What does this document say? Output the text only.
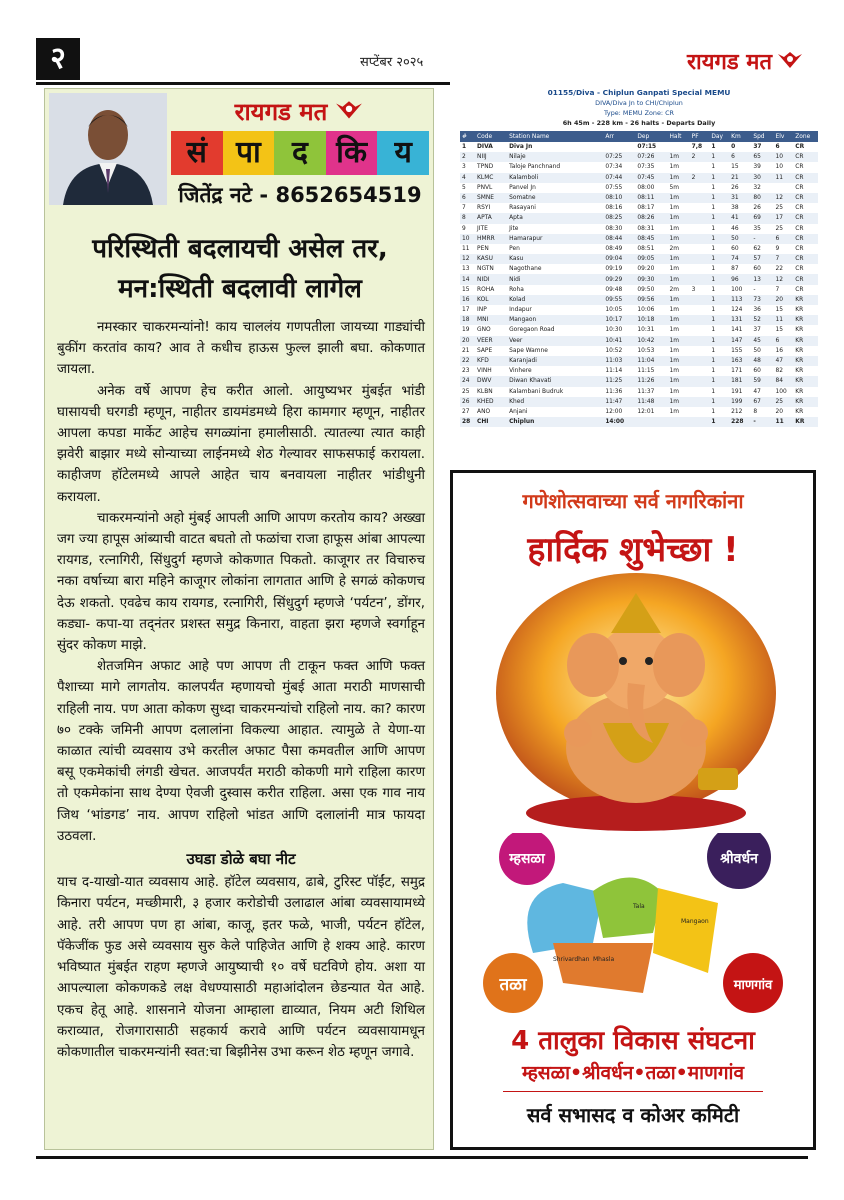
२	सप्टेंबर २०२५	रायगड मत
रायगड मत
सं पा	द कि य
जितेंद्र नटे - 8652654519
परिस्थिती बदलायची असेल तर,
मन:स्थिती बदलावी लागेल

नमस्कार चाकरमन्यांनो! काय चाललंय गणपतीला जायच्या गाड्यांची बुकींग करतांव काय? आव ते कधीच हाऊस फुल्ल झाली बघा. कोकणात जायला.

अनेक वर्षे आपण हेच करीत आलो. आयुष्यभर मुंबईत भांडी घासायची घरगडी म्हणून, नाहीतर डायमंडमध्ये हिरा कामगार म्हणून, नाहीतर आपला कपडा मार्केट आहेच सगळ्यांना हमालीसाठी. त्यातल्या त्यात काही झवेरी बाझार मध्ये सोन्याच्या लाईनमध्ये शेठ गेल्यावर साफसफाई करायला. काहीजण हॉटेलमध्ये आपले आहेत चाय बनवायला नाहीतर भांडीधुनी करायला.

चाकरमन्यांनो अहो मुंबई आपली आणि आपण करतोय काय? अख्खा जग ज्या हापूस आंब्याची वाटत बघतो तो फळांचा राजा हाफूस आंबा आपल्या रायगड, रत्नागिरी, सिंधुदुर्ग म्हणजे कोकणात पिकतो. काजूगर तर विचारुच नका वर्षाच्या बारा महिने काजूगर लोकांना लागतात आणि हे सगळं कोकणच देऊ शकतो. एवढेच काय रायगड, रत्नागिरी, सिंधुदुर्ग म्हणजे ‘पर्यटन’, डोंगर, कड्या- कपा-या तद्नंतर प्रशस्त समुद्र किनारा, वाहता झरा म्हणजे स्वर्गाहून सुंदर कोकण माझे.

शेतजमिन अफाट आहे पण आपण ती टाकून फक्त आणि फक्त पैशाच्या मागे लागतोय. कालपर्यंत म्हणायचो मुंबई आता मराठी माणसाची राहिली नाय. पण आता कोकण सुध्दा चाकरमन्यांचो राहिलो नाय. का? कारण ७० टक्के जमिनी आपण दलालांना विकल्या आहात. त्यामुळे ते येणा-या काळात त्यांची व्यवसाय उभे करतील अफाट पैसा कमवतील आणि आपण बसू एकमेकांची लंगडी खेचत. आजपर्यंत मराठी कोकणी मागे राहिला कारण तो एकमेकांना साथ देण्या ऐवजी दुस्वास करीत राहिला. असा एक गाव नाय जिथ ‘भांडगड’ नाय. आपण राहिलो भांडत आणि दलालांनी मात्र फायदा उठवला.

उघडा डोळे बघा नीट

याच द-याखो-यात व्यवसाय आहे. हॉटेल व्यवसाय, ढाबे, टुरिस्ट पॉईंट, समुद्र किनारा पर्यटन, मच्छीमारी, ३ हजार करोडोची उलाढाल आंबा व्यवसायामध्ये आहे. तरी आपण पण हा आंबा, काजू, इतर फळे, भाजी, पर्यटन हॉटेल, पॅकेजींक फुड असे व्यवसाय सुरु केले पाहिजेत आणि हे शक्य आहे. कारण भविष्यात मुंबईत राहण म्हणजे आयुष्याची १० वर्षे घटविणे होय. अशा या आपल्याला कोकणकडे लक्ष वेधण्यासाठी महाआंदोलन छेडन्यात येत आहे. एकच हेतू आहे. शासनाने योजना आम्हाला द्याव्यात, नियम अटी शिथिल कराव्यात, रोजगारासाठी सहकार्य करावे आणि पर्यटन व्यवसायामधून कोकणातील चाकरमन्यांनी स्वत:चा बिझीनेस उभा करून शेठ म्हणून जगावे.

01155/Diva - Chiplun Ganpati Special MEMU
DIVA/Diva Jn to CHI/Chiplun
Type: MEMU Zone: CR
6h 45m - 228 km - 26 halts - Departs Daily
#	Code	Station Name	Arr	Dep	Halt	PF	Day	Km	Spd	Elv	Zone
1	DIVA	Diva Jn		07:15		7,8	1	0	37	6	CR
2	NIIJ	Nilaje	07:25	07:26	1m	2	1	6	65	10	CR
3	TPND	Taloje Panchnand	07:34	07:35	1m		1	15	39	10	CR
4	KLMC	Kalamboli	07:44	07:45	1m	2	1	21	30	11	CR
5	PNVL	Panvel Jn	07:55	08:00	5m		1	26	32		CR
6	SMNE	Somatne	08:10	08:11	1m		1	31	80	12	CR
7	RSYI	Rasayani	08:16	08:17	1m		1	38	26	25	CR
8	APTA	Apta	08:25	08:26	1m		1	41	69	17	CR
9	JITE	Jite	08:30	08:31	1m		1	46	35	25	CR
10	HMRR	Hamarapur	08:44	08:45	1m		1	50	-	6	CR
11	PEN	Pen	08:49	08:51	2m		1	60	62	9	CR
12	KASU	Kasu	09:04	09:05	1m		1	74	57	7	CR
13	NGTN	Nagothane	09:19	09:20	1m		1	87	60	22	CR
14	NIDI	Nidi	09:29	09:30	1m		1	96	13	12	CR
15	ROHA	Roha	09:48	09:50	2m	3	1	100	-	7	CR
16	KOL	Kolad	09:55	09:56	1m		1	113	73	20	KR
17	INP	Indapur	10:05	10:06	1m		1	124	36	15	KR
18	MNI	Mangaon	10:17	10:18	1m		1	131	52	11	KR
19	GNO	Goregaon Road	10:30	10:31	1m		1	141	37	15	KR
20	VEER	Veer	10:41	10:42	1m		1	147	45	6	KR
21	SAPE	Sape Wamne	10:52	10:53	1m		1	155	50	16	KR
22	KFD	Karanjadi	11:03	11:04	1m		1	163	48	47	KR
23	VINH	Vinhere	11:14	11:15	1m		1	171	60	82	KR
24	DWV	Diwan Khavati	11:25	11:26	1m		1	181	59	84	KR
25	KLBN	Kalambani Budruk	11:36	11:37	1m		1	191	47	100	KR
26	KHED	Khed	11:47	11:48	1m		1	199	67	25	KR
27	ANO	Anjani	12:00	12:01	1m		1	212	8	20	KR
28	CHI	Chiplun	14:00				1	228	-	11	KR
गणेशोत्सवाच्या सर्व नागरिकांना
हार्दिक शुभेच्छा !
म्हसळा	श्रीवर्धन
तळा	माणगांव
Tala
Mangaon
Shrivardhan Mhasla
4 तालुका विकास संघटना
म्हसळा•श्रीवर्धन•तळा•माणगांव
सर्व सभासद व कोअर कमिटी
